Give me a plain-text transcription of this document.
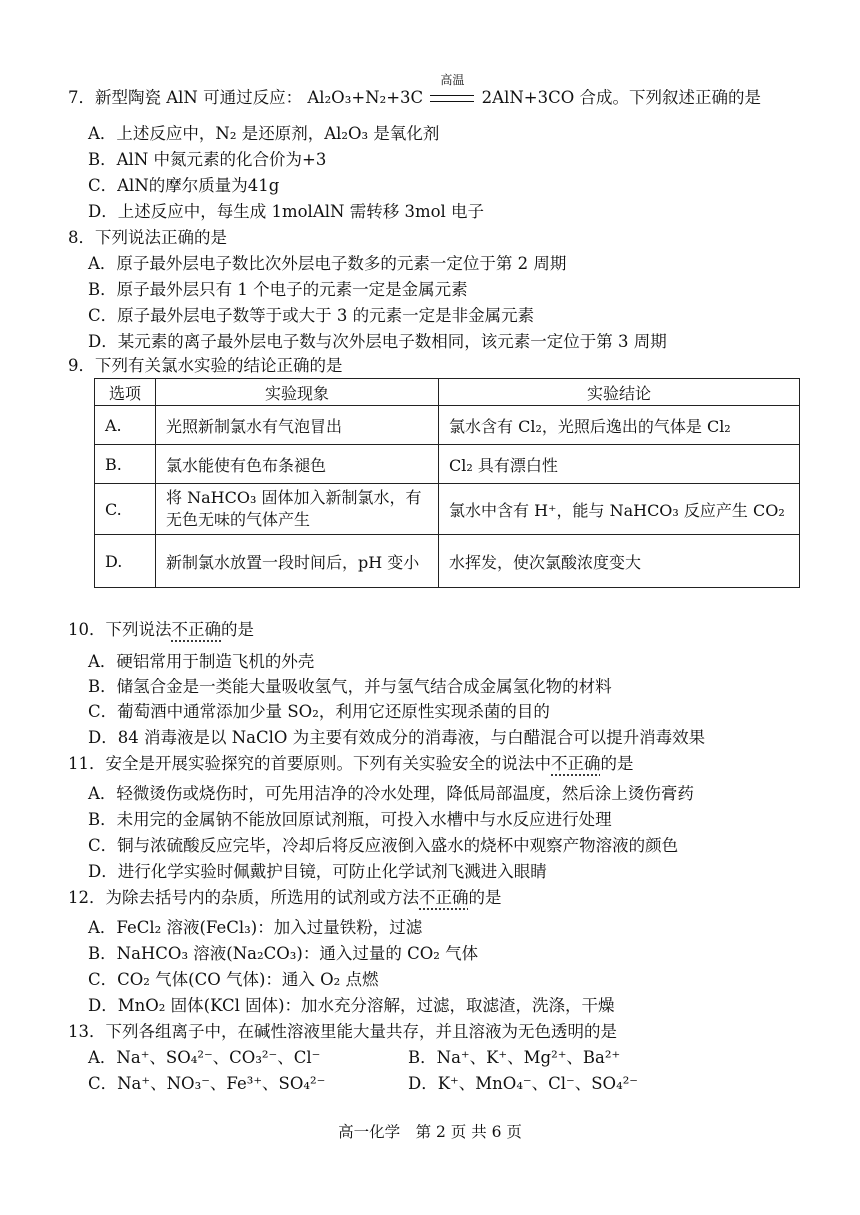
7．新型陶瓷 AlN 可通过反应： Al₂O₃+N₂+3C
高温
2AlN+3CO 合成。下列叙述正确的是
A．上述反应中，N₂ 是还原剂，Al₂O₃ 是氧化剂
B．AlN 中氮元素的化合价为+3
C．AlN的摩尔质量为41g
D．上述反应中，每生成 1molAlN 需转移 3mol 电子
8．下列说法正确的是
A．原子最外层电子数比次外层电子数多的元素一定位于第 2 周期
B．原子最外层只有 1 个电子的元素一定是金属元素
C．原子最外层电子数等于或大于 3 的元素一定是非金属元素
D．某元素的离子最外层电子数与次外层电子数相同，该元素一定位于第 3 周期
9．下列有关氯水实验的结论正确的是
选项	实验现象	实验结论
A.	光照新制氯水有气泡冒出	氯水含有 Cl₂，光照后逸出的气体是 Cl₂
B.	氯水能使有色布条褪色	Cl₂ 具有漂白性
C.	将 NaHCO₃ 固体加入新制氯水，有无色无味的气体产生	氯水中含有 H⁺，能与 NaHCO₃ 反应产生 CO₂
D.	新制氯水放置一段时间后，pH 变小	水挥发，使次氯酸浓度变大
10．下列说法不正确的是
A．硬铝常用于制造飞机的外壳
B．储氢合金是一类能大量吸收氢气，并与氢气结合成金属氢化物的材料
C．葡萄酒中通常添加少量 SO₂，利用它还原性实现杀菌的目的
D．84 消毒液是以 NaClO 为主要有效成分的消毒液，与白醋混合可以提升消毒效果
11．安全是开展实验探究的首要原则。下列有关实验安全的说法中不正确的是
A．轻微烫伤或烧伤时，可先用洁净的冷水处理，降低局部温度，然后涂上烫伤膏药
B．未用完的金属钠不能放回原试剂瓶，可投入水槽中与水反应进行处理
C．铜与浓硫酸反应完毕，冷却后将反应液倒入盛水的烧杯中观察产物溶液的颜色
D．进行化学实验时佩戴护目镜，可防止化学试剂飞溅进入眼睛
12．为除去括号内的杂质，所选用的试剂或方法不正确的是
A．FeCl₂ 溶液(FeCl₃)：加入过量铁粉，过滤
B．NaHCO₃ 溶液(Na₂CO₃)：通入过量的 CO₂ 气体
C．CO₂ 气体(CO 气体)：通入 O₂ 点燃
D．MnO₂ 固体(KCl 固体)：加水充分溶解，过滤，取滤渣，洗涤，干燥
13．下列各组离子中，在碱性溶液里能大量共存，并且溶液为无色透明的是
A．Na⁺、SO₄²⁻、CO₃²⁻、Cl⁻	B．Na⁺、K⁺、Mg²⁺、Ba²⁺
C．Na⁺、NO₃⁻、Fe³⁺、SO₄²⁻	D．K⁺、MnO₄⁻、Cl⁻、SO₄²⁻
高一化学　第 2 页 共 6 页
